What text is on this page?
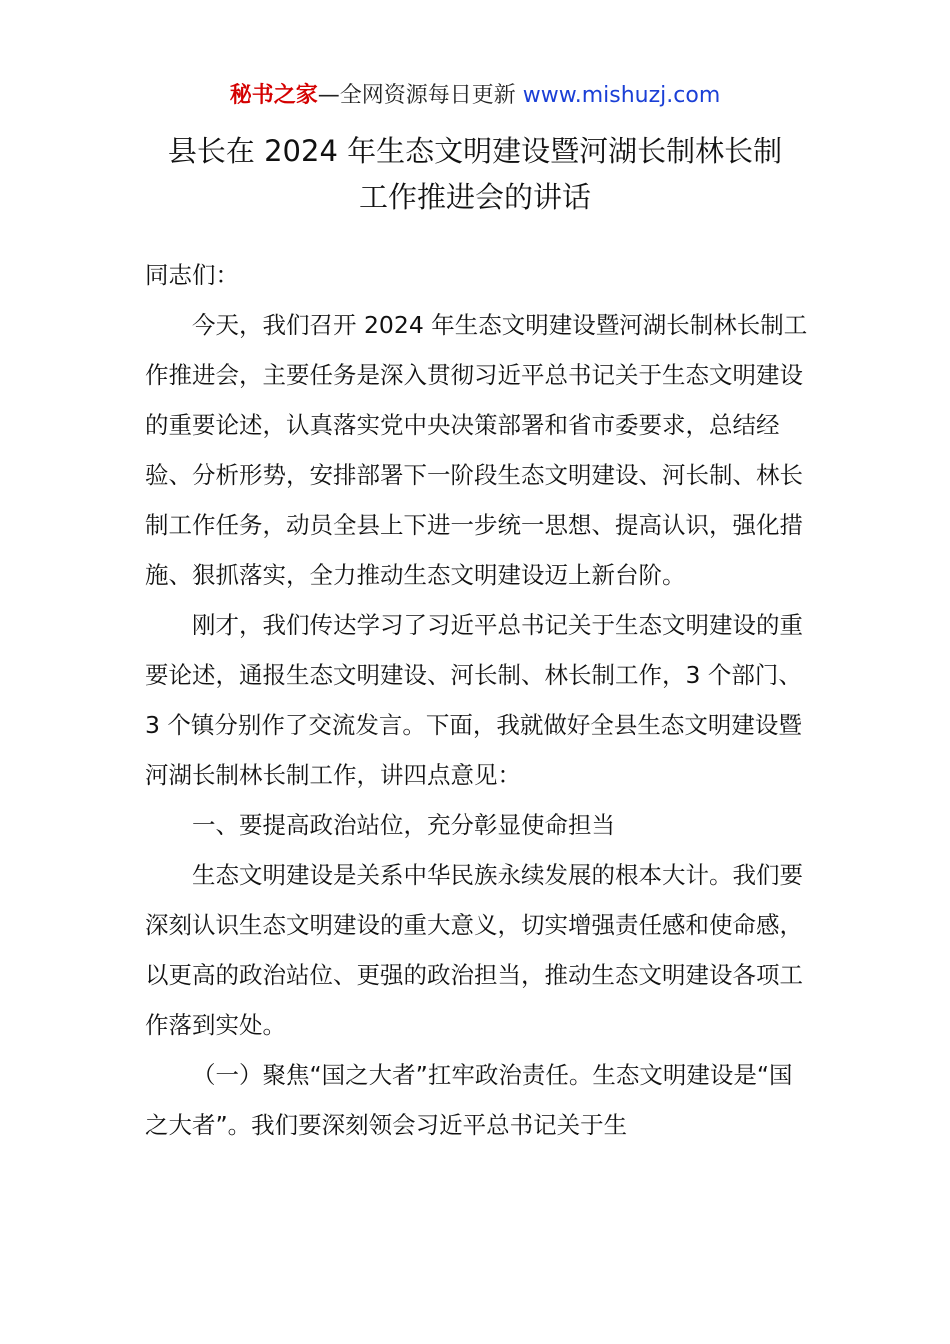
秘书之家—全网资源每日更新 www.mishuzj.com
县长在 2024 年生态文明建设暨河湖长制林长制
工作推进会的讲话

同志们：

今天，我们召开 2024 年生态文明建设暨河湖长制林长制工作推进会，主要任务是深入贯彻习近平总书记关于生态文明建设的重要论述，认真落实党中央决策部署和省市委要求，总结经验、分析形势，安排部署下一阶段生态文明建设、河长制、林长制工作任务，动员全县上下进一步统一思想、提高认识，强化措施、狠抓落实，全力推动生态文明建设迈上新台阶。

刚才，我们传达学习了习近平总书记关于生态文明建设的重要论述，通报生态文明建设、河长制、林长制工作，3 个部门、3 个镇分别作了交流发言。下面，我就做好全县生态文明建设暨河湖长制林长制工作，讲四点意见：

一、要提高政治站位，充分彰显使命担当

生态文明建设是关系中华民族永续发展的根本大计。我们要深刻认识生态文明建设的重大意义，切实增强责任感和使命感，以更高的政治站位、更强的政治担当，推动生态文明建设各项工作落到实处。

（一）聚焦“国之大者”扛牢政治责任。生态文明建设是“国之大者”。我们要深刻领会习近平总书记关于生
